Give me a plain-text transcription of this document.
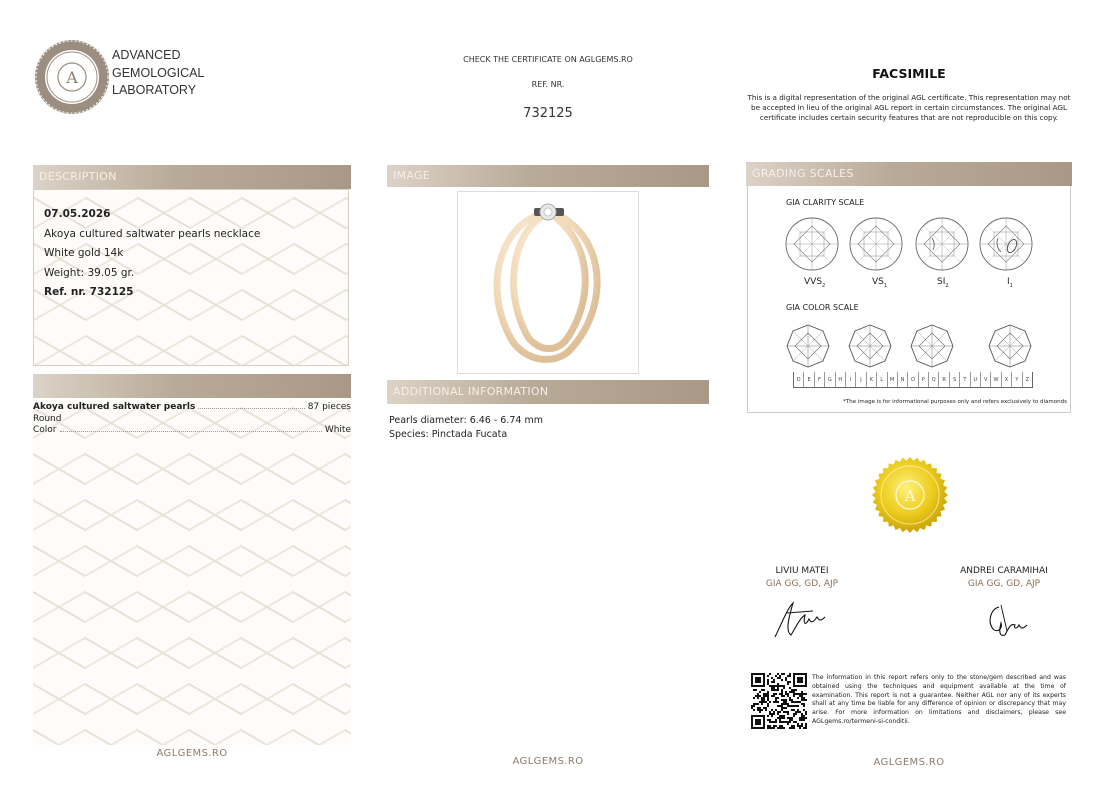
A
ADVANCED
GEMOLOGICAL
LABORATORY
CHECK THE CERTIFICATE ON AGLGEMS.RO
REF. NR.
732125
FACSIMILE
This is a digital representation of the original AGL certificate. This representation may not be accepted in lieu of the original AGL report in certain circumstances. The original AGL certificate includes certain security features that are not reproducible on this copy.
DESCRIPTION
07.05.2026
Akoya cultured saltwater pearls necklace
White gold 14k
Weight: 39.05 gr.
Ref. nr. 732125
Akoya cultured saltwater pearls	87 pieces
Round
Color	White
AGLGEMS.RO
IMAGE
ADDITIONAL INFORMATION
Pearls diameter: 6.46 - 6.74 mm
Species: Pinctada Fucata
AGLGEMS.RO
GRADING SCALES
GIA CLARITY SCALE
$VVS_2$	$VS_1$	$SI_2$	$I_1$
GIA COLOR SCALE
D	E	F	G	H	I	J	K	L	M	N	O	P	Q	R	S	T	U	V	W	X	Y	Z
*The image is for informational purposes only and refers exclusively to diamonds
A
LIVIU MATEI
GIA GG, GD, AJP
ANDREI CARAMIHAI
GIA GG, GD, AJP
The information in this report refers only to the stone/gem described and was obtained using the techniques and equipment available at the time of examination. This report is not a guarantee. Neither AGL nor any of its experts shall at any time be liable for any difference of opinion or discrepancy that may arise. For more information on limitations and disclaimers, please see AGLgems.ro/termeni-si-conditii.
AGLGEMS.RO
